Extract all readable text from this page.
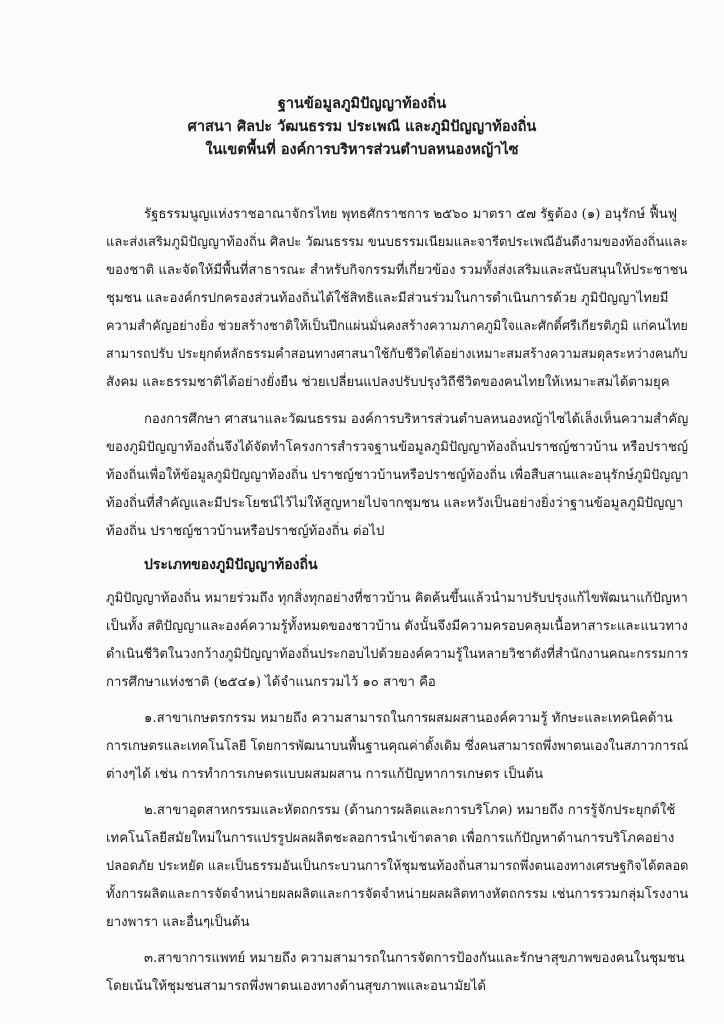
ฐานข้อมูลภูมิปัญญาท้องถิ่น
ศาสนา ศิลปะ วัฒนธรรม ประเพณี และภูมิปัญญาท้องถิ่น
ในเขตพื้นที่ องค์การบริหารส่วนตำบลหนองหญ้าไซ
รัฐธรรมนูญแห่งราชอาณาจักรไทย พุทธศักราชการ ๒๕๖๐ มาตรา ๕๗ รัฐต้อง (๑) อนุรักษ์ ฟื้นฟู
และส่งเสริมภูมิปัญญาท้องถิ่น ศิลปะ วัฒนธรรม ขนบธรรมเนียมและจารีตประเพณีอันดีงามของท้องถิ่นและ
ของชาติ และจัดให้มีพื้นที่สาธารณะ สำหรับกิจกรรมที่เกี่ยวข้อง รวมทั้งส่งเสริมและสนับสนุนให้ประชาชน
ชุมชน และองค์กรปกครองส่วนท้องถิ่นได้ใช้สิทธิและมีส่วนร่วมในการดำเนินการด้วย ภูมิปัญญาไทยมี
ความสำคัญอย่างยิ่ง ช่วยสร้างชาติให้เป็นปึกแผ่นมั่นคงสร้างความภาคภูมิใจและศักดิ์ศรีเกียรติภูมิ แก่คนไทย
สามารถปรับ ประยุกต์หลักธรรมคำสอนทางศาสนาใช้กับชีวิตได้อย่างเหมาะสมสร้างความสมดุลระหว่างคนกับ
สังคม และธรรมชาติได้อย่างยั่งยืน ช่วยเปลี่ยนแปลงปรับปรุงวิถีชีวิตของคนไทยให้เหมาะสมได้ตามยุค
กองการศึกษา ศาสนาและวัฒนธรรม องค์การบริหารส่วนตำบลหนองหญ้าไซได้เล็งเห็นความสำคัญ
ของภูมิปัญญาท้องถิ่นจึงได้จัดทำโครงการสำรวจฐานข้อมูลภูมิปัญญาท้องถิ่นปราชญ์ชาวบ้าน หรือปราชญ์
ท้องถิ่นเพื่อให้ข้อมูลภูมิปัญญาท้องถิ่น ปราชญ์ชาวบ้านหรือปราชญ์ท้องถิ่น เพื่อสืบสานและอนุรักษ์ภูมิปัญญา
ท้องถิ่นที่สำคัญและมีประโยชน์ไว้ไม่ให้สูญหายไปจากชุมชน และหวังเป็นอย่างยิ่งว่าฐานข้อมูลภูมิปัญญา
ท้องถิ่น ปราชญ์ชาวบ้านหรือปราชญ์ท้องถิ่น ต่อไป
ประเภทของภูมิปัญญาท้องถิ่น
ภูมิปัญญาท้องถิ่น หมายร่วมถึง ทุกสิ่งทุกอย่างที่ชาวบ้าน คิดค้นขึ้นแล้วนำมาปรับปรุงแก้ไขพัฒนาแก้ปัญหา
เป็นทั้ง สติปัญญาและองค์ความรู้ทั้งหมดของชาวบ้าน ดังนั้นจึงมีความครอบคลุมเนื้อหาสาระและแนวทาง
ดำเนินชีวิตในวงกว้างภูมิปัญญาท้องถิ่นประกอบไปด้วยองค์ความรู้ในหลายวิชาดังที่สำนักงานคณะกรรมการ
การศึกษาแห่งชาติ (๒๕๔๑) ได้จำแนกรวมไว้ ๑๐ สาขา คือ
๑.สาขาเกษตรกรรม หมายถึง ความสามารถในการผสมผสานองค์ความรู้ ทักษะและเทคนิคด้าน
การเกษตรและเทคโนโลยี โดยการพัฒนาบนพื้นฐานคุณค่าดั้งเดิม ซึ่งคนสามารถพึ่งพาตนเองในสภาวการณ์
ต่างๆได้ เช่น การทำการเกษตรแบบผสมผสาน การแก้ปัญหาการเกษตร เป็นต้น
๒.สาขาอุตสาหกรรมและหัตถกรรม (ด้านการผลิตและการบริโภค) หมายถึง การรู้จักประยุกต์ใช้
เทคโนโลยีสมัยใหม่ในการแปรรูปผลผลิตชะลอการนำเข้าตลาด เพื่อการแก้ปัญหาด้านการบริโภคอย่าง
ปลอดภัย ประหยัด และเป็นธรรมอันเป็นกระบวนการให้ชุมชนท้องถิ่นสามารถพึ่งตนเองทางเศรษฐกิจได้ตลอด
ทั้งการผลิตและการจัดจำหน่ายผลผลิตและการจัดจำหน่ายผลผลิตทางหัตถกรรม เช่นการรวมกลุ่มโรงงาน
ยางพารา และอื่นๆเป็นต้น
๓.สาขาการแพทย์ หมายถึง ความสามารถในการจัดการป้องกันและรักษาสุขภาพของคนในชุมชน
โดยเน้นให้ชุมชนสามารถพึ่งพาตนเองทางด้านสุขภาพและอนามัยได้
